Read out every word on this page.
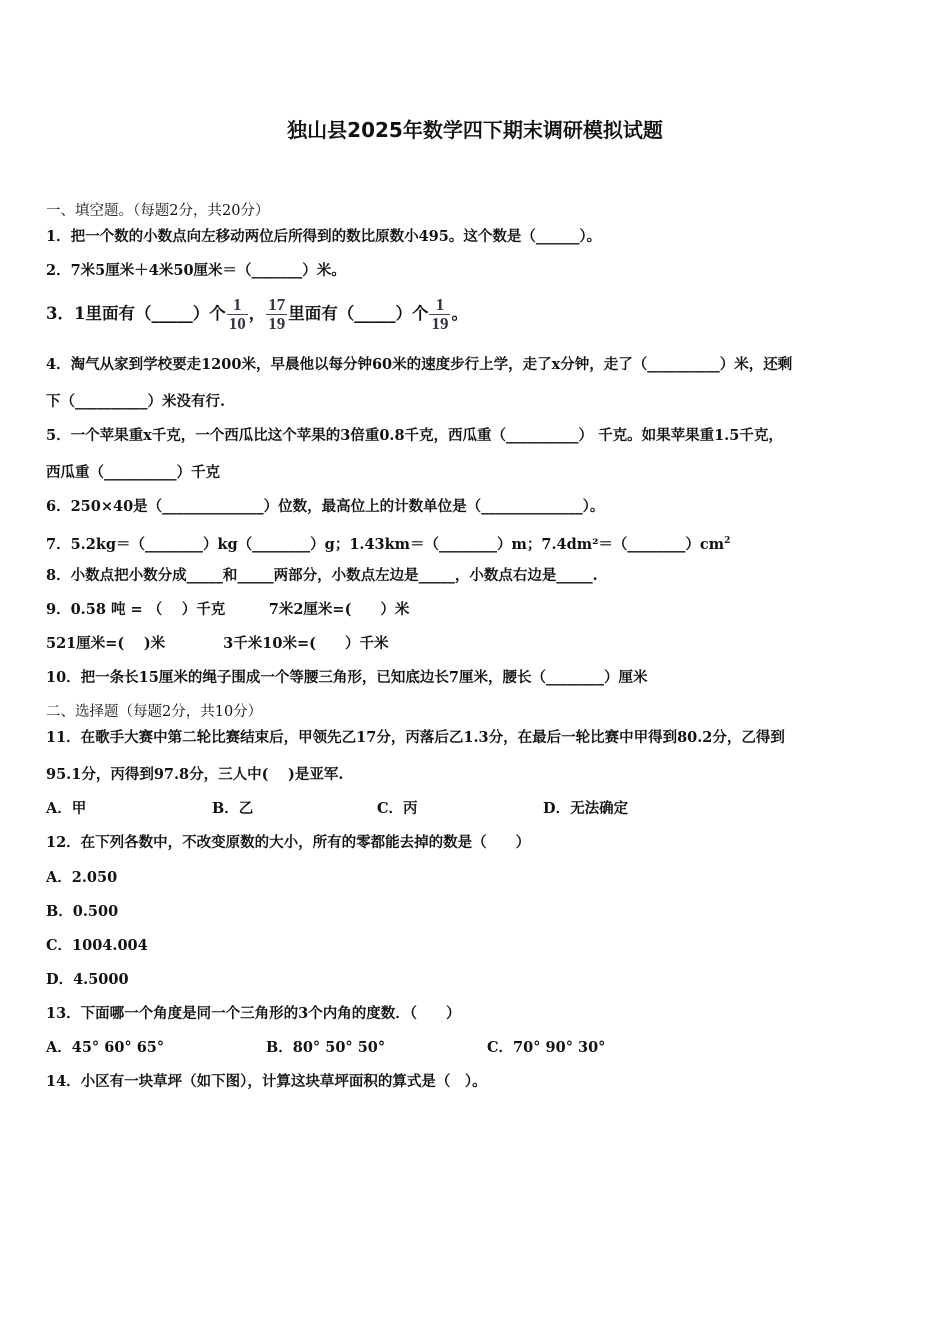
独山县2025年数学四下期末调研模拟试题
一、填空题。（每题2分，共20分）
1．把一个数的小数点向左移动两位后所得到的数比原数小495。这个数是（______）。
2．7米5厘米＋4米50厘米＝（_______）米。
3．1里面有（_____）个 1
10 ， 17
19 里面有（_____）个 1
19 。
4．淘气从家到学校要走1200米，早晨他以每分钟60米的速度步行上学，走了x分钟，走了（__________）米，还剩
下（__________）米没有行.
5．一个苹果重x千克，一个西瓜比这个苹果的3倍重0.8千克，西瓜重（__________） 千克。如果苹果重1.5千克，
西瓜重（__________）千克
6．250×40是（______________）位数，最高位上的计数单位是（______________）。
7．5.2kg＝（________）kg（________）g；1.43km＝（________）m；$7.4dm^2=(\_\_\_\_\_\_\_\_)cm^2$
8．小数点把小数分成_____和_____两部分，小数点左边是_____，小数点右边是_____.
9．0.58 吨 = （　 ）千克　　　7米2厘米=(　　）米
521厘米=(　 )米　　　　3千米10米=(　　）千米
10．把一条长15厘米的绳子围成一个等腰三角形，已知底边长7厘米，腰长（________）厘米
二、选择题（每题2分，共10分）
11．在歌手大赛中第二轮比赛结束后，甲领先乙17分，丙落后乙1.3分，在最后一轮比赛中甲得到80.2分，乙得到
95.1分，丙得到97.8分，三人中(　 )是亚军.
A．甲	B．乙	C．丙	D．无法确定
12．在下列各数中，不改变原数的大小，所有的零都能去掉的数是（　　）
A．2.050
B．0.500
C．1004.004
D．4.5000
13．下面哪一个角度是同一个三角形的3个内角的度数．（　　）
A．45° 60° 65°	B．80° 50° 50°	C．70° 90° 30°
14．小区有一块草坪（如下图），计算这块草坪面积的算式是（　）。
